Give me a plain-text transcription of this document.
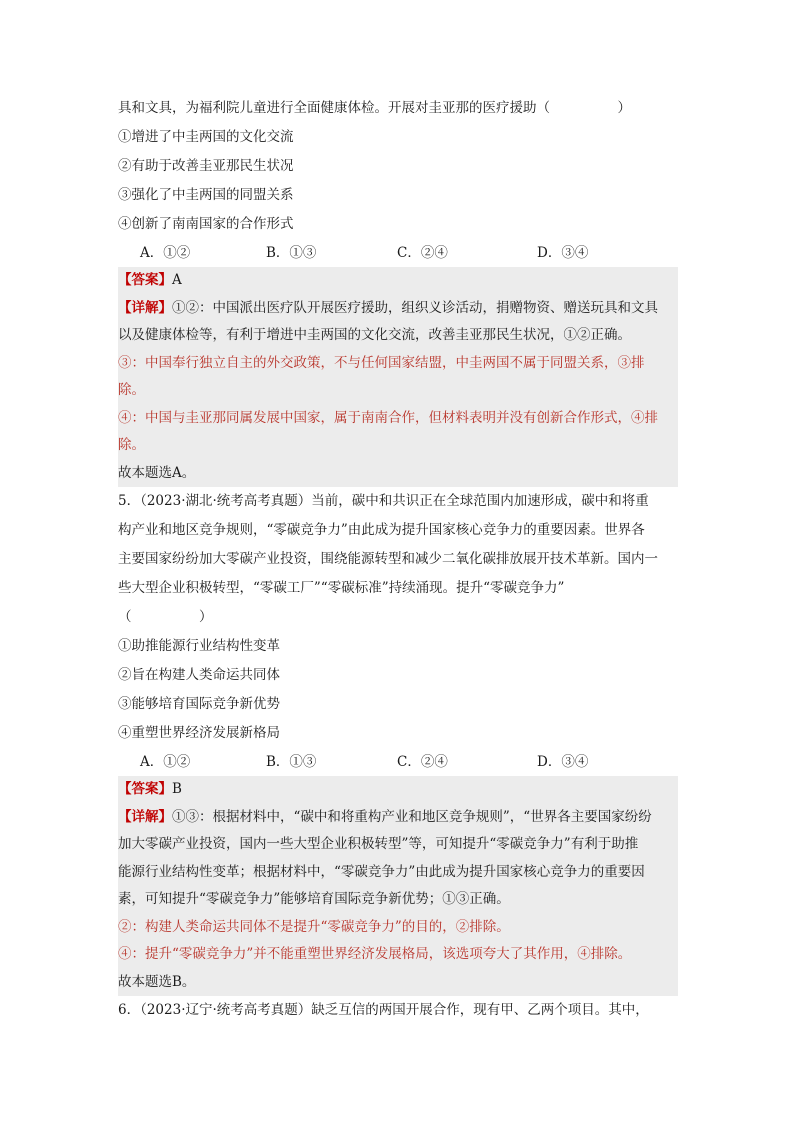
具和文具，为福利院儿童进行全面健康体检。开展对圭亚那的医疗援助（　　　　　）
①增进了中圭两国的文化交流
②有助于改善圭亚那民生状况
③强化了中圭两国的同盟关系
④创新了南南国家的合作形式
A．①②	B．①③	C．②④	D．③④
【答案】A
【详解】①②：中国派出医疗队开展医疗援助，组织义诊活动，捐赠物资、赠送玩具和文具
以及健康体检等，有利于增进中圭两国的文化交流，改善圭亚那民生状况，①②正确。
③：中国奉行独立自主的外交政策，不与任何国家结盟，中圭两国不属于同盟关系，③排
除。
④：中国与圭亚那同属发展中国家，属于南南合作，但材料表明并没有创新合作形式，④排
除。
故本题选A。
5．（2023·湖北·统考高考真题）当前，碳中和共识正在全球范围内加速形成，碳中和将重
构产业和地区竞争规则，“零碳竞争力”由此成为提升国家核心竞争力的重要因素。世界各
主要国家纷纷加大零碳产业投资，围绕能源转型和减少二氧化碳排放展开技术革新。国内一
些大型企业积极转型，“零碳工厂”“零碳标准”持续涌现。提升“零碳竞争力”
（　　　　　）
①助推能源行业结构性变革
②旨在构建人类命运共同体
③能够培育国际竞争新优势
④重塑世界经济发展新格局
A．①②	B．①③	C．②④	D．③④
【答案】B
【详解】①③：根据材料中，“碳中和将重构产业和地区竞争规则”，“世界各主要国家纷纷
加大零碳产业投资，国内一些大型企业积极转型”等，可知提升“零碳竞争力”有利于助推
能源行业结构性变革；根据材料中，“零碳竞争力”由此成为提升国家核心竞争力的重要因
素，可知提升“零碳竞争力”能够培育国际竞争新优势；①③正确。
②：构建人类命运共同体不是提升“零碳竞争力”的目的，②排除。
④：提升“零碳竞争力”并不能重塑世界经济发展格局，该选项夸大了其作用，④排除。
故本题选B。
6．（2023·辽宁·统考高考真题）缺乏互信的两国开展合作，现有甲、乙两个项目。其中，
